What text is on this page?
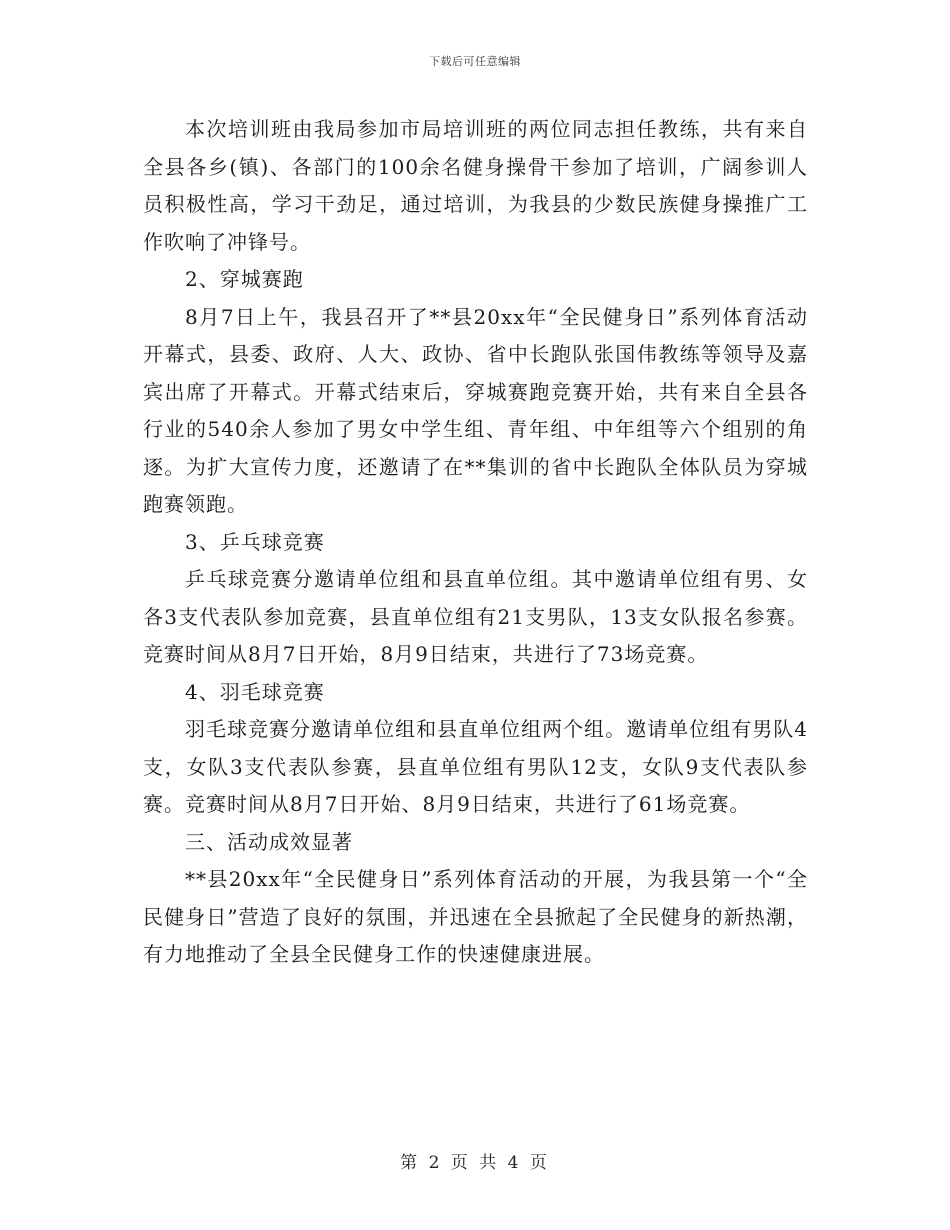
下载后可任意编辑

本次培训班由我局参加市局培训班的两位同志担任教练，共有来自全县各乡(镇)、各部门的100余名健身操骨干参加了培训，广阔参训人员积极性高，学习干劲足，通过培训，为我县的少数民族健身操推广工作吹响了冲锋号。

2、穿城赛跑

8月7日上午，我县召开了**县20xx年“全民健身日”系列体育活动开幕式，县委、政府、人大、政协、省中长跑队张国伟教练等领导及嘉宾出席了开幕式。开幕式结束后，穿城赛跑竞赛开始，共有来自全县各行业的540余人参加了男女中学生组、青年组、中年组等六个组别的角逐。为扩大宣传力度，还邀请了在**集训的省中长跑队全体队员为穿城跑赛领跑。

3、乒乓球竞赛

乒乓球竞赛分邀请单位组和县直单位组。其中邀请单位组有男、女各3支代表队参加竞赛，县直单位组有21支男队，13支女队报名参赛。竞赛时间从8月7日开始，8月9日结束，共进行了73场竞赛。

4、羽毛球竞赛

羽毛球竞赛分邀请单位组和县直单位组两个组。邀请单位组有男队4支，女队3支代表队参赛，县直单位组有男队12支，女队9支代表队参赛。竞赛时间从8月7日开始、8月9日结束，共进行了61场竞赛。

三、活动成效显著

**县20xx年“全民健身日”系列体育活动的开展，为我县第一个“全民健身日”营造了良好的氛围，并迅速在全县掀起了全民健身的新热潮，有力地推动了全县全民健身工作的快速健康进展。

第 2 页 共 4 页
